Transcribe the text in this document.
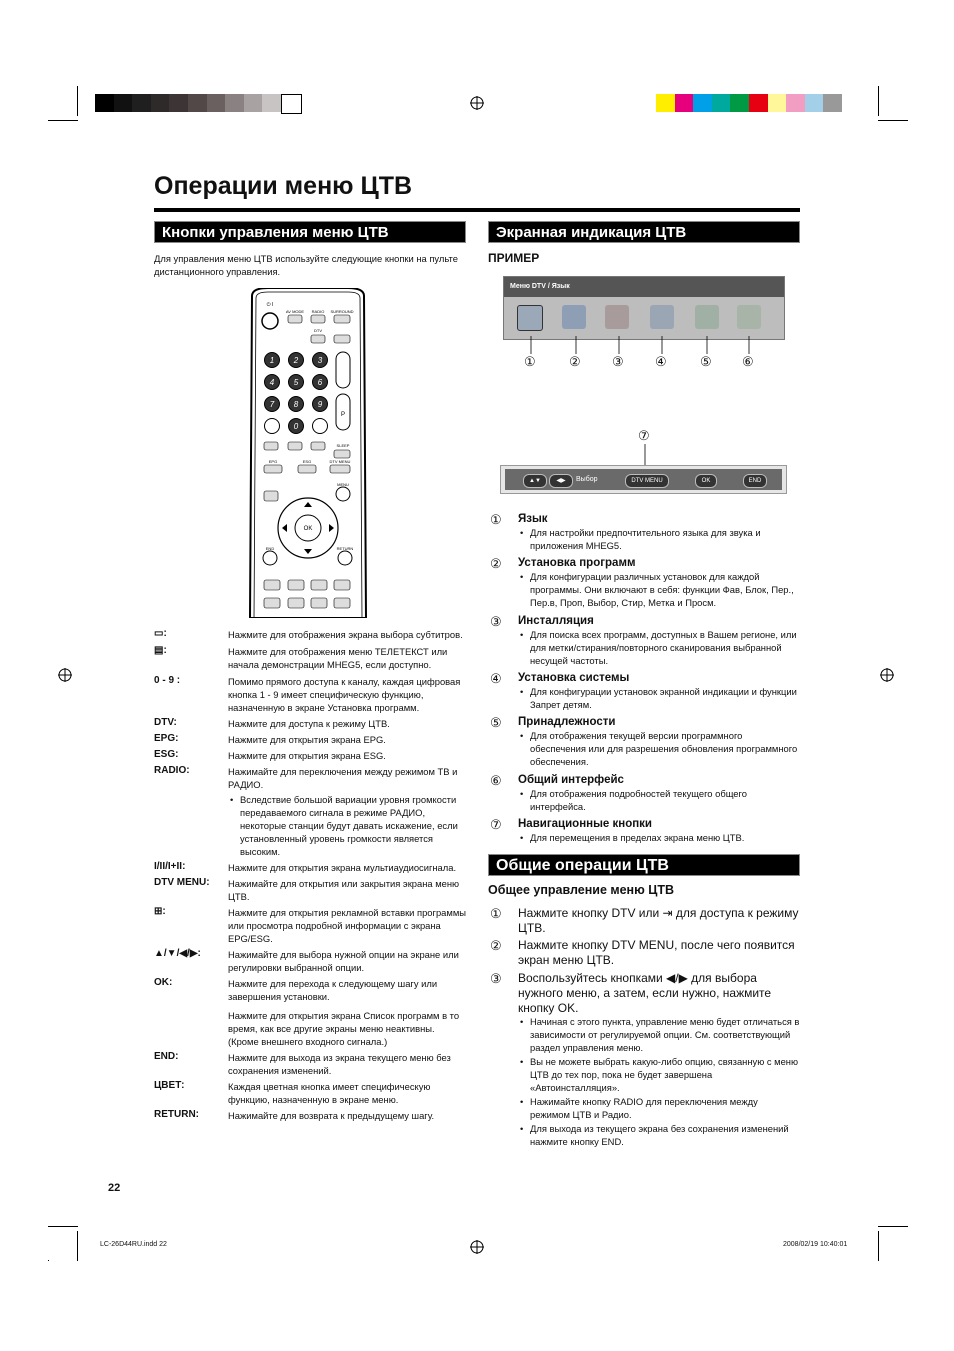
Операции меню ЦТВ
Кнопки управления меню ЦТВ
Для управления меню ЦТВ используйте следующие кнопки на пульте дистанционного управления.
⏻ I
AV MODE RADIO SURROUND
DTV
1 2 3
4 5 6
7 8 9
0
P
SLEEP
EPG	ESG	DTV MENU
MENU
OK
END	RETURN
▭:	Нажмите для отображения экрана выбора субтитров.
▤:	Нажмите для отображения меню ТЕЛЕТЕКСТ или начала демонстрации MHEG5, если доступно.
0 - 9 :	Помимо прямого доступа к каналу, каждая цифровая кнопка 1 - 9 имеет специфическую функцию, назначенную в экране Установка программ.
DTV:	Нажмите для доступа к режиму ЦТВ.
EPG:	Нажмите для открытия экрана EPG.
ESG:	Нажмите для открытия экрана ESG.
RADIO:	Нажимайте для переключения между режимом ТВ и РАДИО.
• Вследствие большой вариации уровня громкости передаваемого сигнала в режиме РАДИО, некоторые станции будут давать искажение, если установленный уровень громкости является высоким.
I/II/I+II:	Нажмите для открытия экрана мультиаудиосигнала.
DTV MENU: Нажимайте для открытия или закрытия экрана меню ЦТВ.
⊞:	Нажмите для открытия рекламной вставки программы или просмотра подробной информации с экрана EPG/ESG.
▲/▼/◀/▶:	Нажимайте для выбора нужной опции на экране или регулировки выбранной опции.
OK:	Нажмите для перехода к следующему шагу или завершения установки.
Нажмите для открытия экрана Список программ в то время, как все другие экраны меню неактивны. (Кроме внешнего входного сигнала.)
END:	Нажмите для выхода из экрана текущего меню без сохранения изменений.
ЦВЕТ:	Каждая цветная кнопка имеет специфическую функцию, назначенную в экране меню.
RETURN:	Нажимайте для возврата к предыдущему шагу.
Экранная индикация ЦТВ
ПРИМЕР
Меню DTV / Язык
①	② ③ ④	⑤ ⑥
⑦
▲▼	◀▶	Выбор	DTV MENU	OK	END
① Язык
• Для настройки предпочтительного языка для звука и приложения MHEG5.
② Установка программ
• Для конфигурации различных установок для каждой программы. Они включают в себя: функции Фав, Блок, Пер., Пер.в, Проп, Выбор, Стир, Метка и Просм.
③ Инсталляция
• Для поиска всех программ, доступных в Вашем регионе, или для метки/стирания/повторного сканирования выбранной несущей частоты.
④ Установка системы
• Для конфигурации установок экранной индикации и функции Запрет детям.
⑤ Принадлежности
• Для отображения текущей версии программного обеспечения или для разрешения обновления программного обеспечения.
⑥ Общий интерфейс
• Для отображения подробностей текущего общего интерфейса.
⑦ Навигационные кнопки
• Для перемещения в пределах экрана меню ЦТВ.
Общие операции ЦТВ
Общее управление меню ЦТВ
① Нажмите кнопку DTV или ⇥ для доступа к режиму ЦТВ.
② Нажмите кнопку DTV MENU, после чего появится экран меню ЦТВ.
③ Воспользуйтесь кнопками ◀/▶ для выбора нужного меню, а затем, если нужно, нажмите кнопку OK.
• Начиная с этого пункта, управление меню будет отличаться в зависимости от регулируемой опции. См. соответствующий раздел управления меню.
• Вы не можете выбрать какую-либо опцию, связанную с меню ЦТВ до тех пор, пока не будет завершена «Автоинсталляция».
• Нажимайте кнопку RADIO для переключения между режимом ЦТВ и Радио.
• Для выхода из текущего экрана без сохранения изменений нажмите кнопку END.
22
LC-26D44RU.indd 22	2008/02/19 10:40:01
